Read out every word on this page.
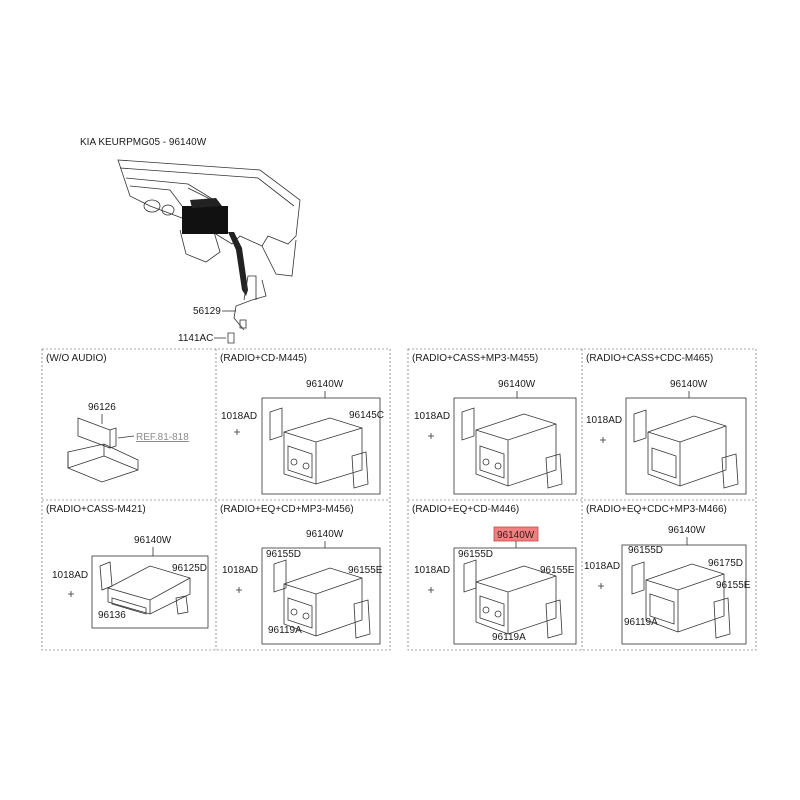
KIA KEURPMG05 - 96140W
56129
1141AC
(W/O AUDIO)
96126
REF.81-818
(RADIO+CD-M445)
96140W
1018AD	96145C
(RADIO+CASS+MP3-M455)
96140W
1018AD
(RADIO+CASS+CDC-M465)
96140W
1018AD
(RADIO+CASS-M421)
96140W
1018AD
96125D
96136
(RADIO+EQ+CD+MP3-M456)
96140W
96155D
1018AD	96155E
96119A
(RADIO+EQ+CD-M446)
96140W
96155D
1018AD	96155E
96119A
(RADIO+EQ+CDC+MP3-M466)
96140W
96155D
96175D
1018AD
96155E
96119A
